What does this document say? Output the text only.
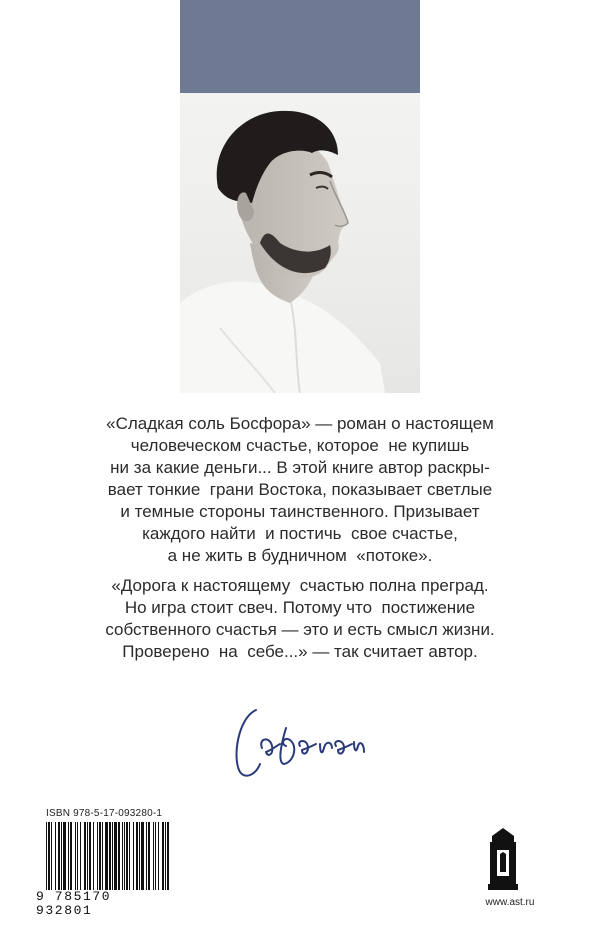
«Сладкая соль Босфора» — роман о настоящем
человеческом счастье, которое  не купишь
ни за какие деньги... В этой книге автор раскры-
вает тонкие  грани Востока, показывает светлые
и темные стороны таинственного. Призывает
каждого найти  и постичь  свое счастье,
а не жить в будничном  «потоке».
«Дорога к настоящему  счастью полна преград.
Но игра стоит свеч. Потому что  постижение
собственного счастья — это и есть смысл жизни.
Проверено  на  себе...» — так считает автор.
ISBN 978-5-17-093280-1
9 785170 932801
www.ast.ru
